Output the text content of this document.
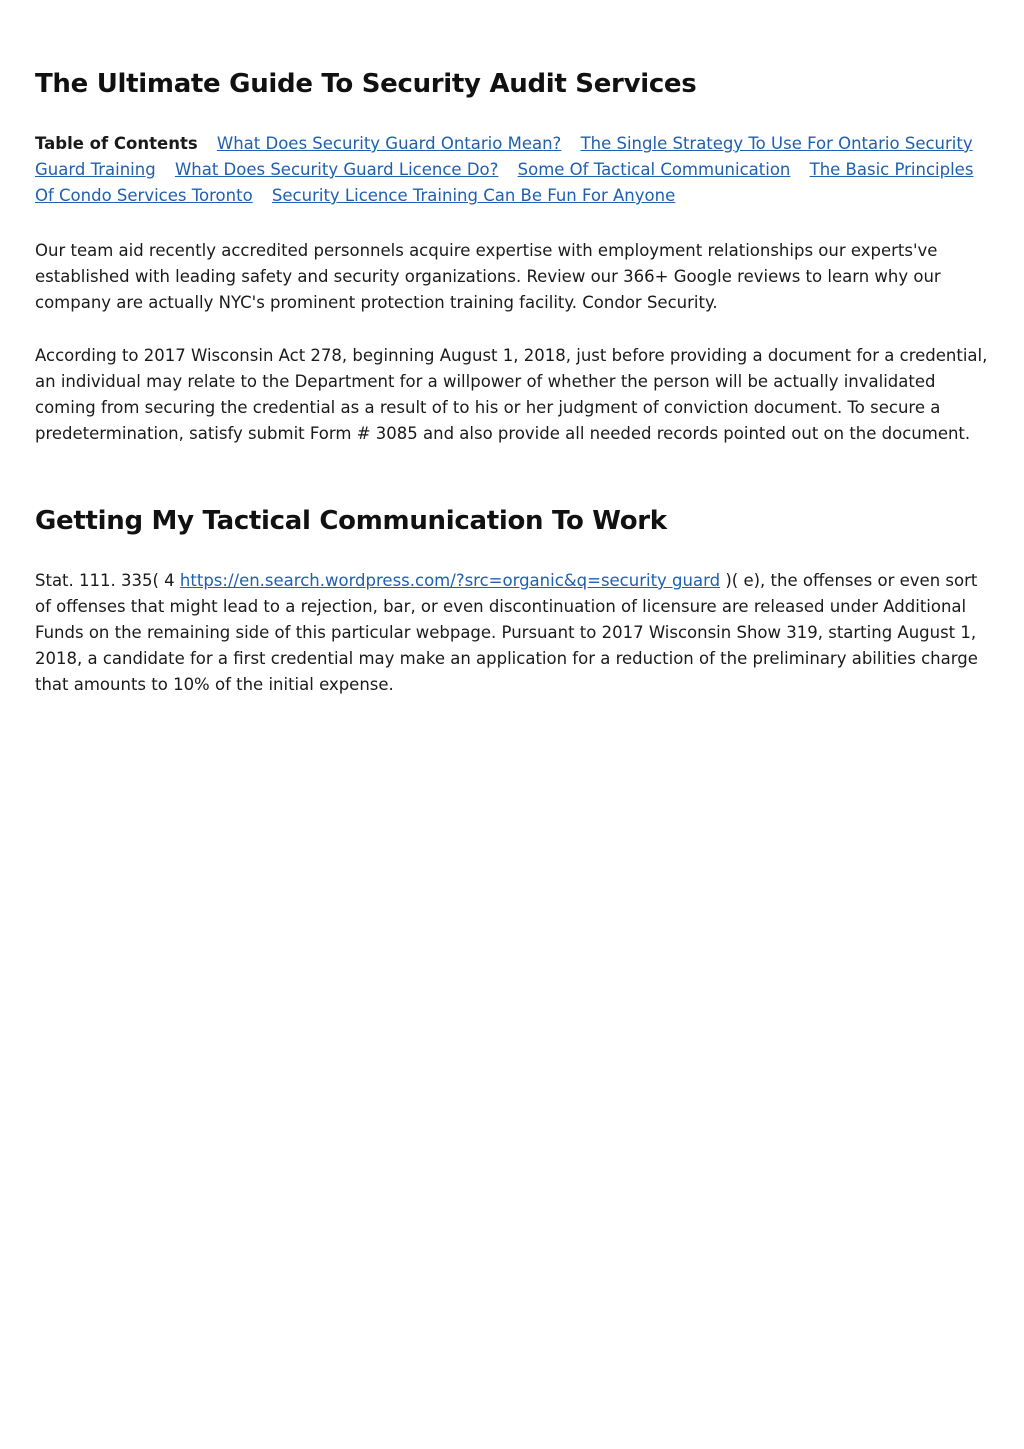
The Ultimate Guide To Security Audit Services
Table of Contents What Does Security Guard Ontario Mean? The Single Strategy To Use For Ontario Security Guard Training What Does Security Guard Licence Do? Some Of Tactical Communication The Basic Principles Of Condo Services Toronto Security Licence Training Can Be Fun For Anyone

Our team aid recently accredited personnels acquire expertise with employment relationships our experts've established with leading safety and security organizations. Review our 366+ Google reviews to learn why our company are actually NYC's prominent protection training facility. Condor Security.

According to 2017 Wisconsin Act 278, beginning August 1, 2018, just before providing a document for a credential, an individual may relate to the Department for a willpower of whether the person will be actually invalidated coming from securing the credential as a result of to his or her judgment of conviction document. To secure a predetermination, satisfy submit Form # 3085 and also provide all needed records pointed out on the document.

Getting My Tactical Communication To Work

Stat. 111. 335( 4 https://en.search.wordpress.com/?src=organic&q=security guard )( e), the offenses or even sort of offenses that might lead to a rejection, bar, or even discontinuation of licensure are released under Additional Funds on the remaining side of this particular webpage. Pursuant to 2017 Wisconsin Show 319, starting August 1, 2018, a candidate for a first credential may make an application for a reduction of the preliminary abilities charge that amounts to 10% of the initial expense.
